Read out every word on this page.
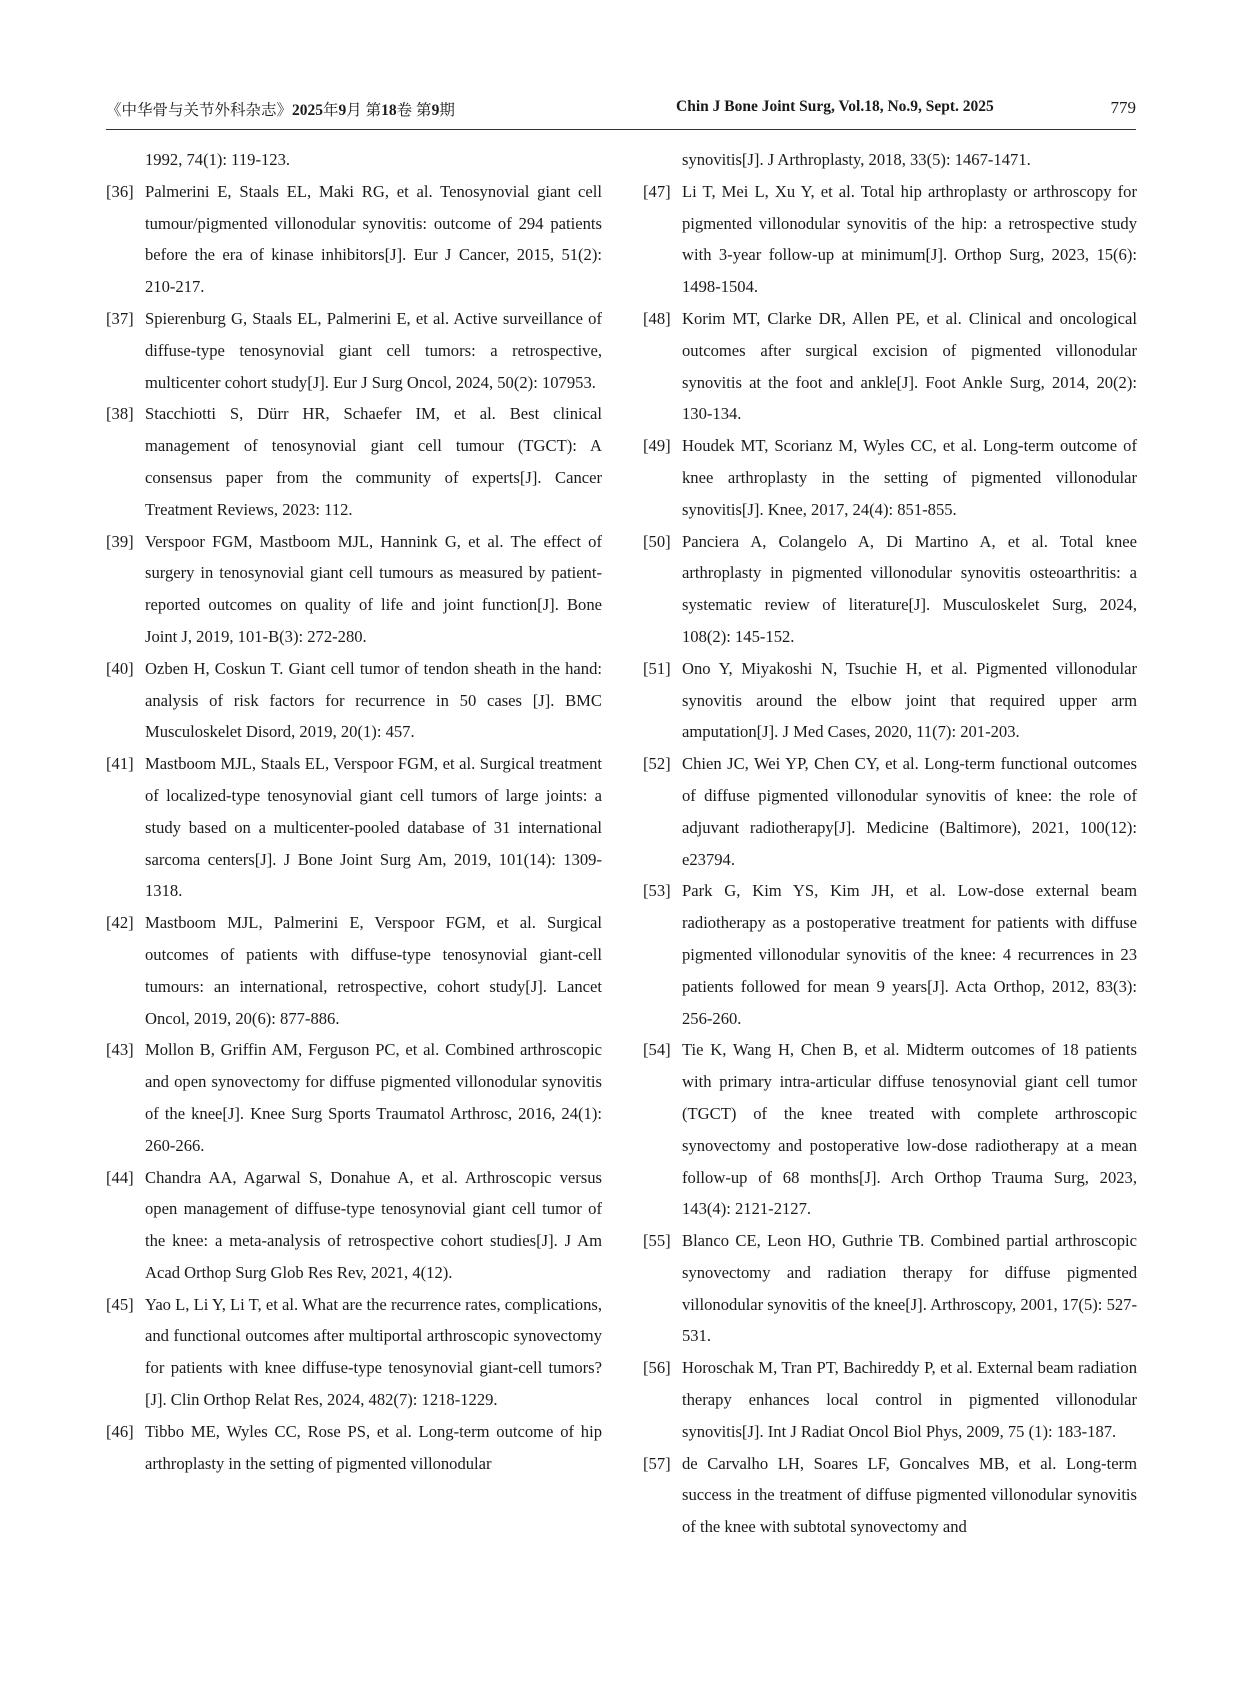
《中华骨与关节外科杂志》2025年9月 第18卷 第9期	Chin J Bone Joint Surg, Vol.18, No.9, Sept. 2025	779
1992, 74(1): 119-123.
[36] Palmerini E, Staals EL, Maki RG, et al. Tenosynovial giant cell tumour/pigmented villonodular synovitis: outcome of 294 patients before the era of kinase inhibitors[J]. Eur J Cancer, 2015, 51(2): 210-217.
[37] Spierenburg G, Staals EL, Palmerini E, et al. Active surveillance of diffuse-type tenosynovial giant cell tumors: a retrospective, multicenter cohort study[J]. Eur J Surg Oncol, 2024, 50(2): 107953.
[38] Stacchiotti S, Dürr HR, Schaefer IM, et al. Best clinical management of tenosynovial giant cell tumour (TGCT): A consensus paper from the community of experts[J]. Cancer Treatment Reviews, 2023: 112.
[39] Verspoor FGM, Mastboom MJL, Hannink G, et al. The effect of surgery in tenosynovial giant cell tumours as measured by patient-reported outcomes on quality of life and joint function[J]. Bone Joint J, 2019, 101-B(3): 272-280.
[40] Ozben H, Coskun T. Giant cell tumor of tendon sheath in the hand: analysis of risk factors for recurrence in 50 cases [J]. BMC Musculoskelet Disord, 2019, 20(1): 457.
[41] Mastboom MJL, Staals EL, Verspoor FGM, et al. Surgical treatment of localized-type tenosynovial giant cell tumors of large joints: a study based on a multicenter-pooled database of 31 international sarcoma centers[J]. J Bone Joint Surg Am, 2019, 101(14): 1309-1318.
[42] Mastboom MJL, Palmerini E, Verspoor FGM, et al. Surgical outcomes of patients with diffuse-type tenosynovial giant-cell tumours: an international, retrospective, cohort study[J]. Lancet Oncol, 2019, 20(6): 877-886.
[43] Mollon B, Griffin AM, Ferguson PC, et al. Combined arthroscopic and open synovectomy for diffuse pigmented villonodular synovitis of the knee[J]. Knee Surg Sports Traumatol Arthrosc, 2016, 24(1): 260-266.
[44] Chandra AA, Agarwal S, Donahue A, et al. Arthroscopic versus open management of diffuse-type tenosynovial giant cell tumor of the knee: a meta-analysis of retrospective cohort studies[J]. J Am Acad Orthop Surg Glob Res Rev, 2021, 4(12).
[45] Yao L, Li Y, Li T, et al. What are the recurrence rates, complications, and functional outcomes after multiportal arthroscopic synovectomy for patients with knee diffuse-type tenosynovial giant-cell tumors?[J]. Clin Orthop Relat Res, 2024, 482(7): 1218-1229.
[46] Tibbo ME, Wyles CC, Rose PS, et al. Long-term outcome of hip arthroplasty in the setting of pigmented villonodular
synovitis[J]. J Arthroplasty, 2018, 33(5): 1467-1471.
[47] Li T, Mei L, Xu Y, et al. Total hip arthroplasty or arthroscopy for pigmented villonodular synovitis of the hip: a retrospective study with 3-year follow-up at minimum[J]. Orthop Surg, 2023, 15(6): 1498-1504.
[48] Korim MT, Clarke DR, Allen PE, et al. Clinical and oncological outcomes after surgical excision of pigmented villonodular synovitis at the foot and ankle[J]. Foot Ankle Surg, 2014, 20(2): 130-134.
[49] Houdek MT, Scorianz M, Wyles CC, et al. Long-term outcome of knee arthroplasty in the setting of pigmented villonodular synovitis[J]. Knee, 2017, 24(4): 851-855.
[50] Panciera A, Colangelo A, Di Martino A, et al. Total knee arthroplasty in pigmented villonodular synovitis osteoarthritis: a systematic review of literature[J]. Musculoskelet Surg, 2024, 108(2): 145-152.
[51] Ono Y, Miyakoshi N, Tsuchie H, et al. Pigmented villonodular synovitis around the elbow joint that required upper arm amputation[J]. J Med Cases, 2020, 11(7): 201-203.
[52] Chien JC, Wei YP, Chen CY, et al. Long-term functional outcomes of diffuse pigmented villonodular synovitis of knee: the role of adjuvant radiotherapy[J]. Medicine (Baltimore), 2021, 100(12): e23794.
[53] Park G, Kim YS, Kim JH, et al. Low-dose external beam radiotherapy as a postoperative treatment for patients with diffuse pigmented villonodular synovitis of the knee: 4 recurrences in 23 patients followed for mean 9 years[J]. Acta Orthop, 2012, 83(3): 256-260.
[54] Tie K, Wang H, Chen B, et al. Midterm outcomes of 18 patients with primary intra-articular diffuse tenosynovial giant cell tumor (TGCT) of the knee treated with complete arthroscopic synovectomy and postoperative low-dose radiotherapy at a mean follow-up of 68 months[J]. Arch Orthop Trauma Surg, 2023, 143(4): 2121-2127.
[55] Blanco CE, Leon HO, Guthrie TB. Combined partial arthroscopic synovectomy and radiation therapy for diffuse pigmented villonodular synovitis of the knee[J]. Arthroscopy, 2001, 17(5): 527-531.
[56] Horoschak M, Tran PT, Bachireddy P, et al. External beam radiation therapy enhances local control in pigmented villonodular synovitis[J]. Int J Radiat Oncol Biol Phys, 2009, 75 (1): 183-187.
[57] de Carvalho LH, Soares LF, Goncalves MB, et al. Long-term success in the treatment of diffuse pigmented villonodular synovitis of the knee with subtotal synovectomy and
